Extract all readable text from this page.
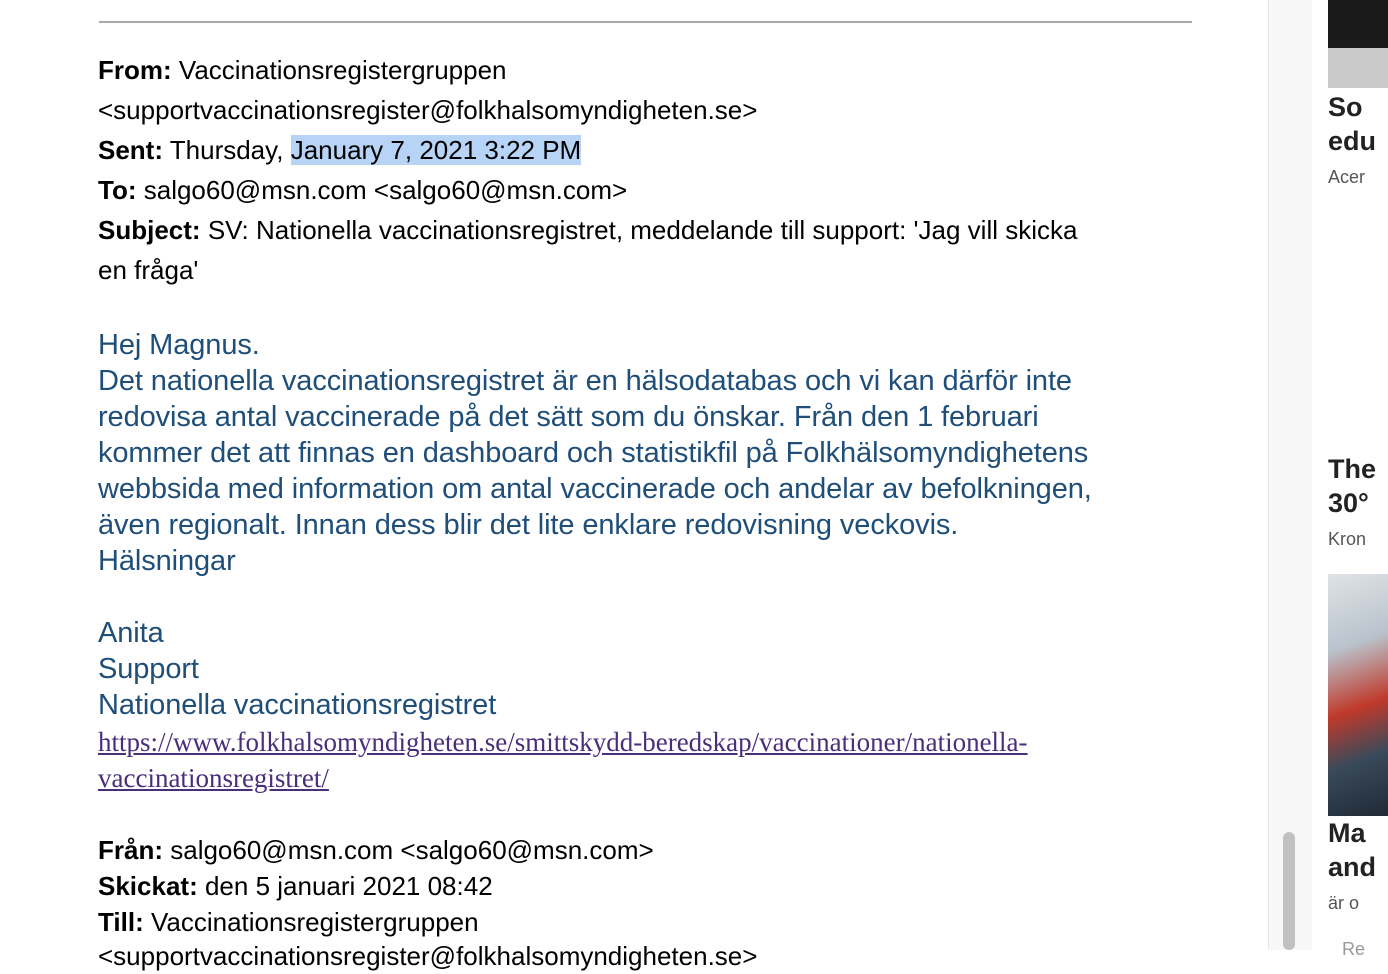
From: Vaccinationsregistergruppen
<supportvaccinationsregister@folkhalsomyndigheten.se>
Sent: Thursday, January 7, 2021 3:22 PM
To: salgo60@msn.com <salgo60@msn.com>
Subject: SV: Nationella vaccinationsregistret, meddelande till support: 'Jag vill skicka
en fråga'
Hej Magnus.
Det nationella vaccinationsregistret är en hälsodatabas och vi kan därför inte
redovisa antal vaccinerade på det sätt som du önskar. Från den 1 februari
kommer det att finnas en dashboard och statistikfil på Folkhälsomyndighetens
webbsida med information om antal vaccinerade och andelar av befolkningen,
även regionalt. Innan dess blir det lite enklare redovisning veckovis.
Hälsningar
Anita
Support
Nationella vaccinationsregistret
https://www.folkhalsomyndigheten.se/smittskydd-beredskap/vaccinationer/nationella-
vaccinationsregistret/
Från: salgo60@msn.com <salgo60@msn.com>
Skickat: den 5 januari 2021 08:42
Till: Vaccinationsregistergruppen
<supportvaccinationsregister@folkhalsomyndigheten.se>
So
edu
Acer
The
30°
Kron
Ma
and
är o
Re
